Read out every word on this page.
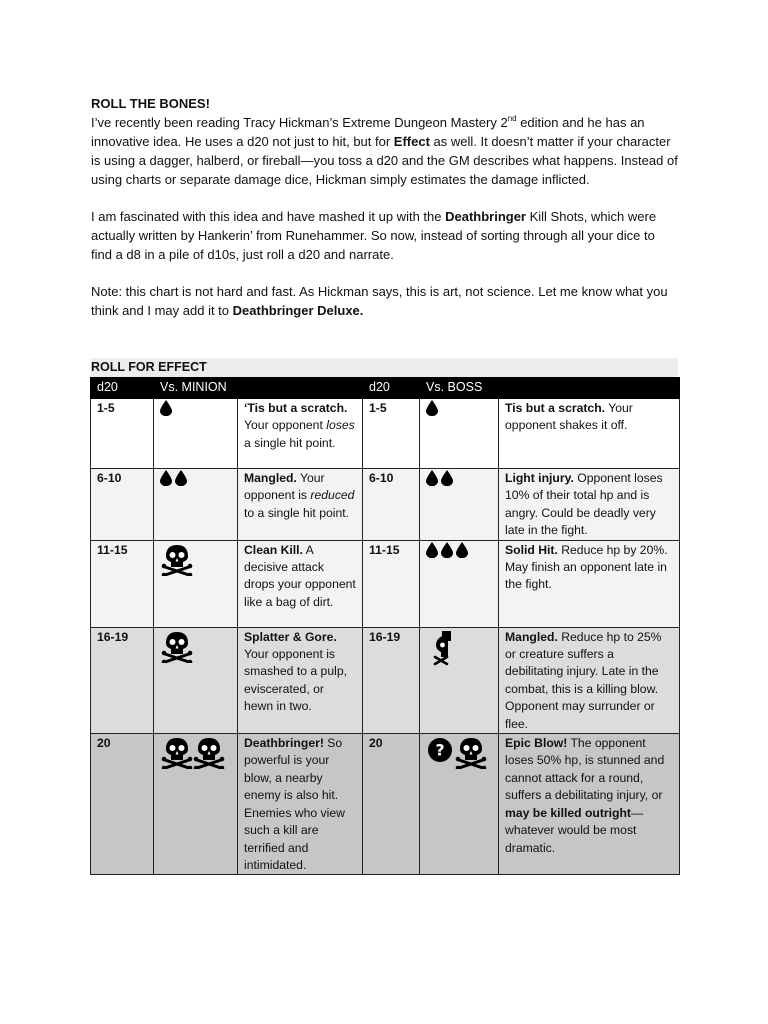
ROLL THE BONES!

I’ve recently been reading Tracy Hickman’s Extreme Dungeon Mastery 2nd edition and he has an innovative idea. He uses a d20 not just to hit, but for Effect as well. It doesn’t matter if your character is using a dagger, halberd, or fireball—you toss a d20 and the GM describes what happens. Instead of using charts or separate damage dice, Hickman simply estimates the damage inflicted.

I am fascinated with this idea and have mashed it up with the Deathbringer Kill Shots, which were actually written by Hankerin’ from Runehammer. So now, instead of sorting through all your dice to find a d8 in a pile of d10s, just roll a d20 and narrate.

Note: this chart is not hard and fast. As Hickman says, this is art, not science. Let me know what you think and I may add it to Deathbringer Deluxe.

ROLL FOR EFFECT
d20	Vs. MINION		d20	Vs. BOSS	
1-5		‘Tis but a scratch. Your opponent loses a single hit point.	1-5		Tis but a scratch. Your opponent shakes it off.
6-10		Mangled. Your opponent is reduced to a single hit point.	6-10		Light injury. Opponent loses 10% of their total hp and is angry. Could be deadly very late in the fight.
11-15		Clean Kill. A decisive attack drops your opponent like a bag of dirt.	11-15		Solid Hit. Reduce hp by 20%. May finish an opponent late in the fight.
16-19		Splatter & Gore. Your opponent is smashed to a pulp, eviscerated, or hewn in two.	16-19		Mangled. Reduce hp to 25% or creature suffers a debilitating injury. Late in the combat, this is a killing blow. Opponent may surrunder or flee.
20		Deathbringer! So powerful is your blow, a nearby enemy is also hit. Enemies who view such a kill are terrified and intimidated.	20	?	Epic Blow! The opponent loses 50% hp, is stunned and cannot attack for a round, suffers a debilitating injury, or may be killed outright—whatever would be most dramatic.
